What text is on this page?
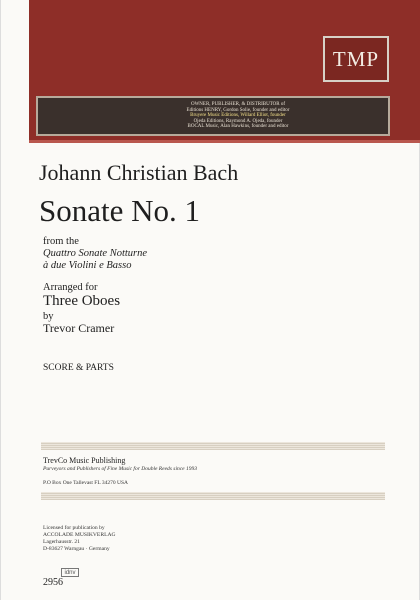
TMP
OWNER, PUBLISHER, & DISTRIBUTOR of
Editions HENRY, Gordon Solie, founder and editor
Bruyere Music Editions, Willard Elliot, founder
Ojeda Editions, Raymond A. Ojeda, founder
BOCAL Music, Alan Hawkins, founder and editor
Johann Christian Bach
Sonate No. 1
from the
Quattro Sonate Notturne
à due Violini e Basso
Arranged for
Three Oboes
by
Trevor Cramer
SCORE & PARTS
TrevCo Music Publishing
Purveyors and Publishers of Fine Music for Double Reeds since 1993
P.O Box One Tallevast FL 34270 USA
Licensed for publication by
ACCOLADE MUSIKVERLAG
Lagerhausstr. 21
D-83627 Warngau · Germany
idnv
2956
